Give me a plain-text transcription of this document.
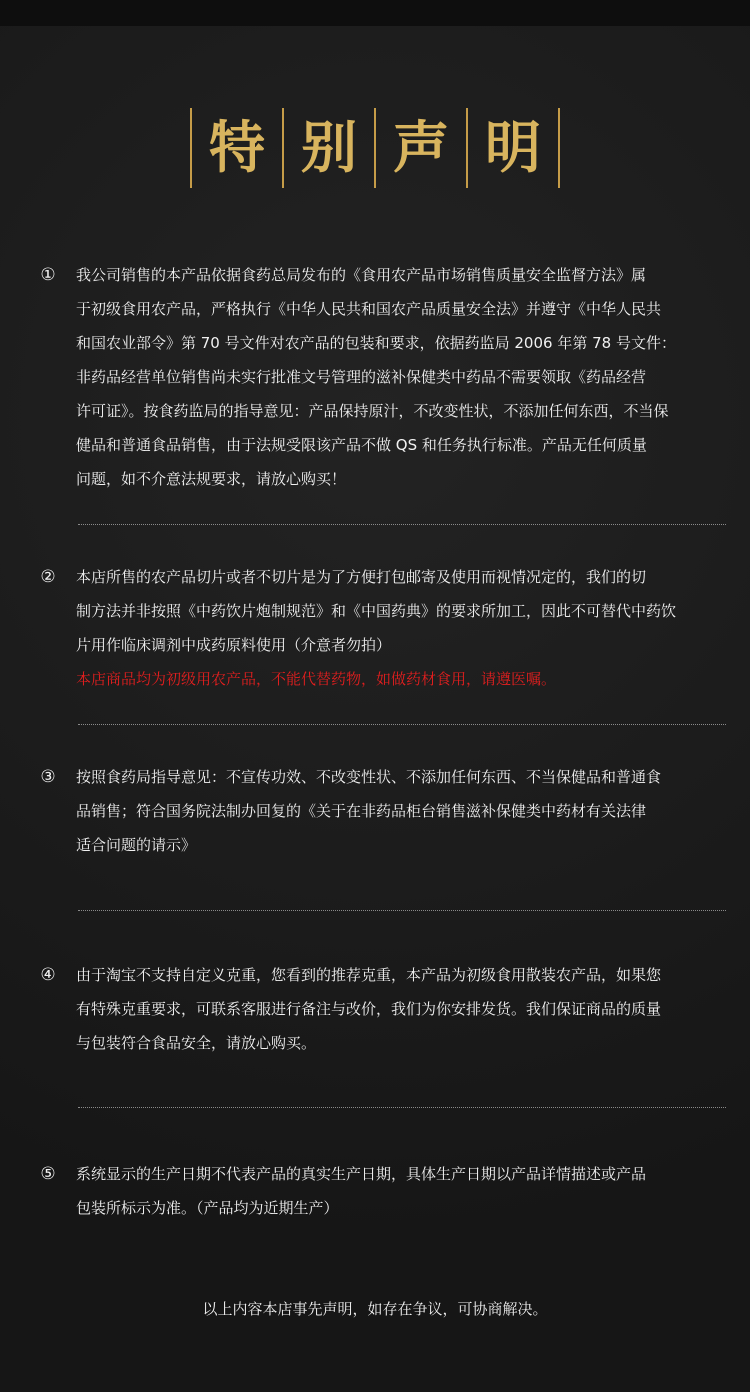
特 别 声 明
① 我公司销售的本产品依据食药总局发布的《食用农产品市场销售质量安全监督方法》属

于初级食用农产品，严格执行《中华人民共和国农产品质量安全法》并遵守《中华人民共

和国农业部令》第 70 号文件对农产品的包装和要求，依据药监局 2006 年第 78 号文件：

非药品经营单位销售尚未实行批准文号管理的滋补保健类中药品不需要领取《药品经营

许可证》。按食药监局的指导意见：产品保持原汁，不改变性状，不添加任何东西，不当保

健品和普通食品销售，由于法规受限该产品不做 QS 和任务执行标准。产品无任何质量

问题，如不介意法规要求，请放心购买！

② 本店所售的农产品切片或者不切片是为了方便打包邮寄及使用而视情况定的，我们的切

制方法并非按照《中药饮片炮制规范》和《中国药典》的要求所加工，因此不可替代中药饮

片用作临床调剂中成药原料使用（介意者勿拍）

本店商品均为初级用农产品，不能代替药物，如做药材食用，请遵医嘱。

③ 按照食药局指导意见：不宣传功效、不改变性状、不添加任何东西、不当保健品和普通食

品销售；符合国务院法制办回复的《关于在非药品柜台销售滋补保健类中药材有关法律

适合问题的请示》

④ 由于淘宝不支持自定义克重，您看到的推荐克重，本产品为初级食用散装农产品，如果您

有特殊克重要求，可联系客服进行备注与改价，我们为你安排发货。我们保证商品的质量

与包装符合食品安全，请放心购买。

⑤ 系统显示的生产日期不代表产品的真实生产日期，具体生产日期以产品详情描述或产品

包装所标示为准。（产品均为近期生产）

以上内容本店事先声明，如存在争议，可协商解决。
